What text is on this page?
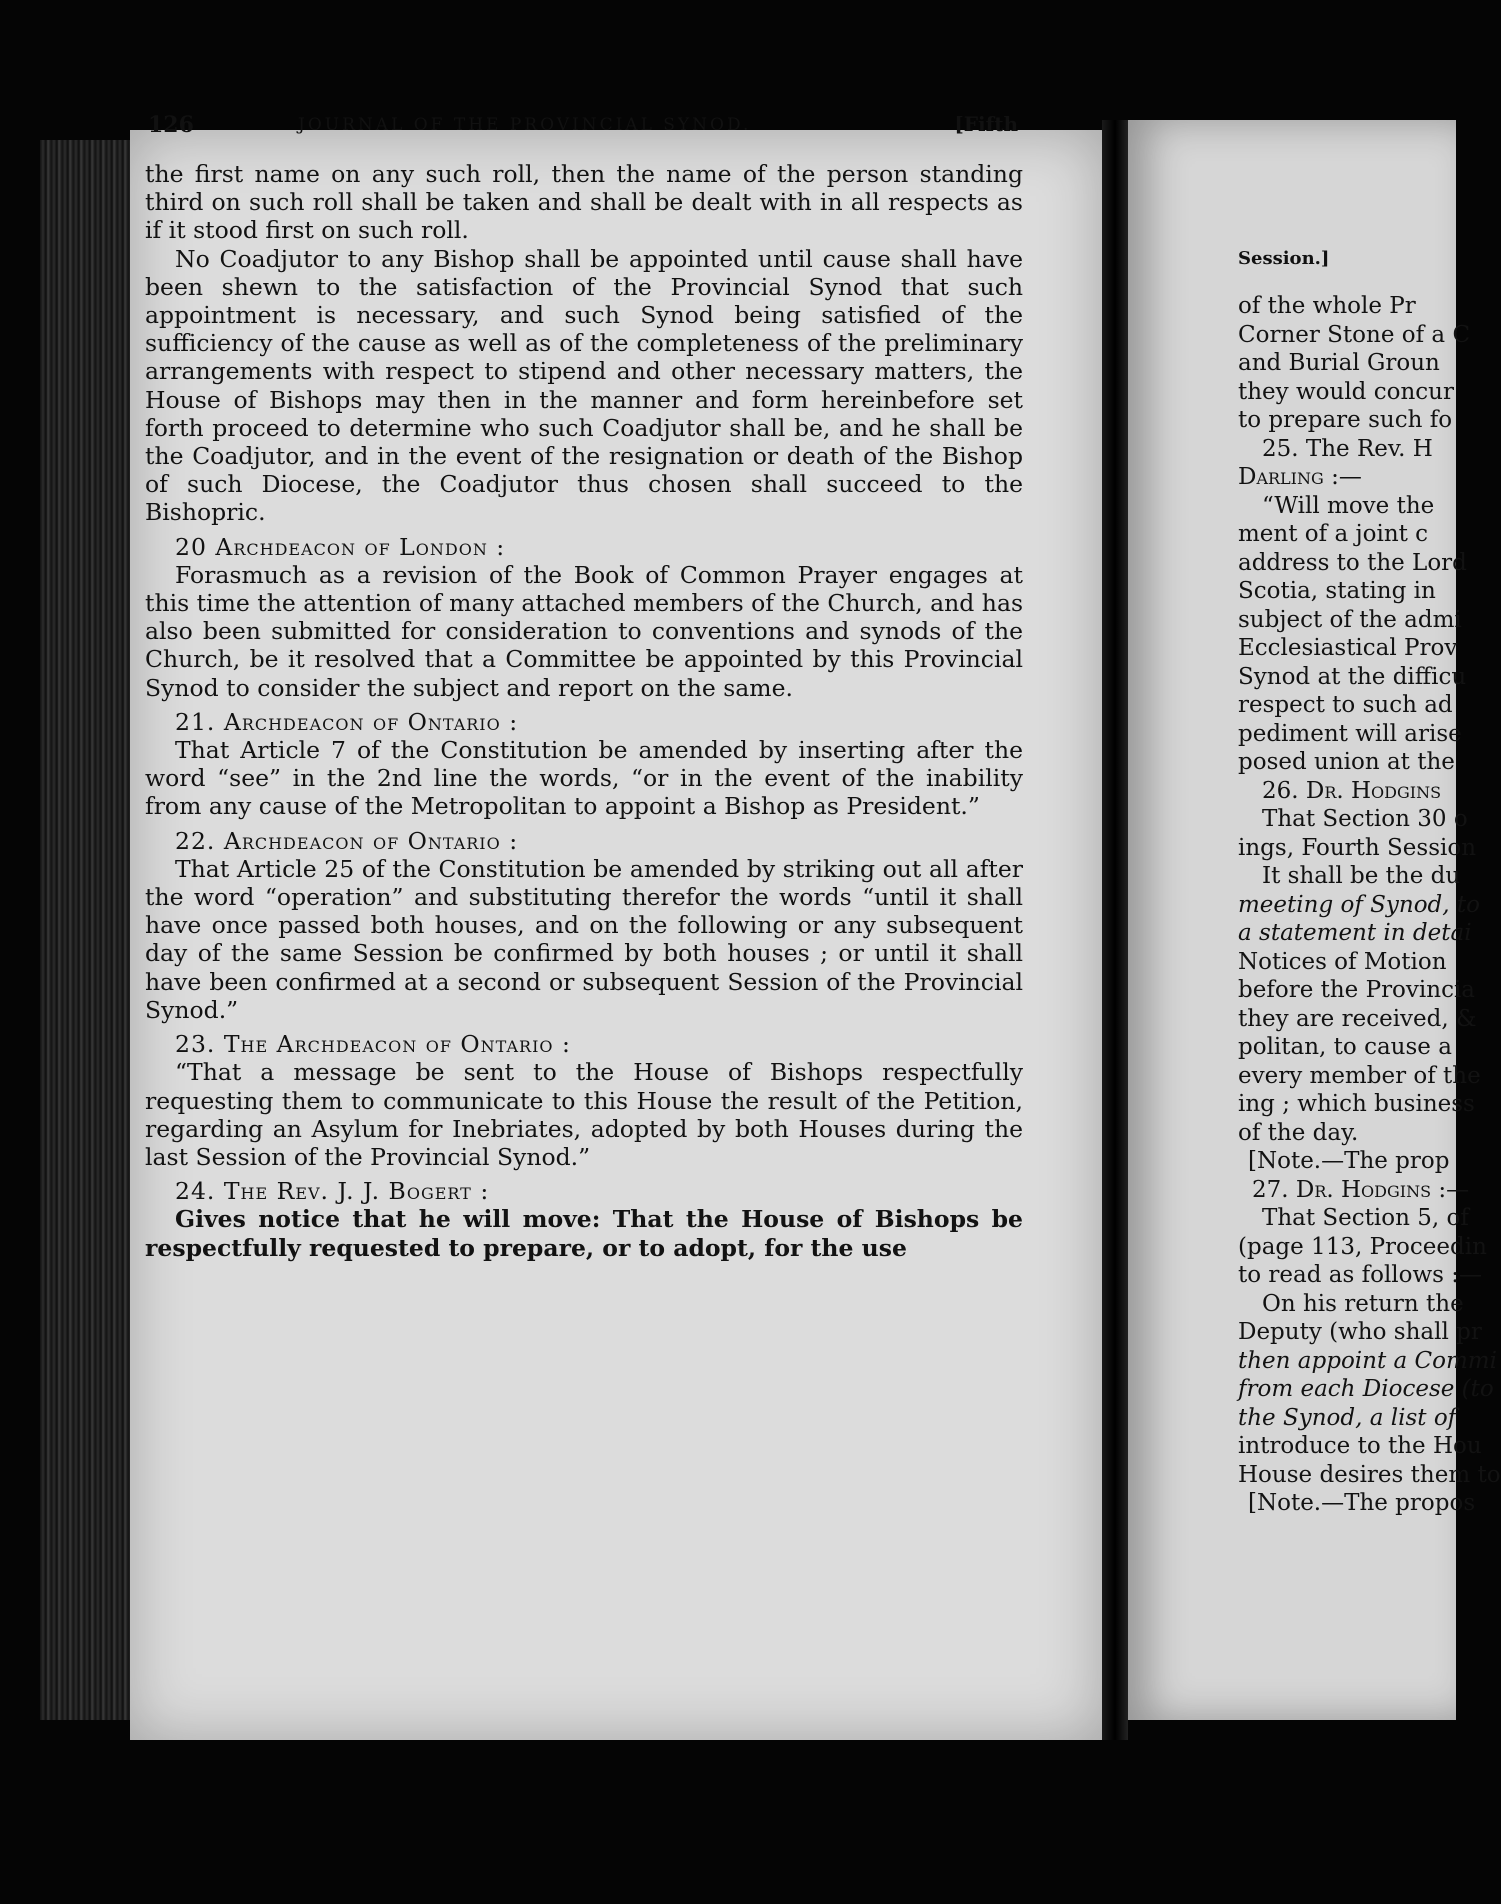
Session.]
126	JOURNAL OF THE PROVINCIAL SYNOD.	[Fifth

the first name on any such roll, then the name of the person standing third on such roll shall be taken and shall be dealt with in all respects as if it stood first on such roll.

No Coadjutor to any Bishop shall be appointed until cause shall have been shewn to the satisfaction of the Provincial Synod that such appointment is necessary, and such Synod being satisfied of the sufficiency of the cause as well as of the completeness of the preliminary arrangements with respect to stipend and other necessary matters, the House of Bishops may then in the manner and form hereinbefore set forth proceed to determine who such Coadjutor shall be, and he shall be the Coadjutor, and in the event of the resignation or death of the Bishop of such Diocese, the Coadjutor thus chosen shall succeed to the Bishopric.

20 Archdeacon of London :

Forasmuch as a revision of the Book of Common Prayer engages at this time the attention of many attached members of the Church, and has also been submitted for consideration to conventions and synods of the Church, be it resolved that a Committee be appointed by this Provincial Synod to consider the subject and report on the same.

21. Archdeacon of Ontario :

That Article 7 of the Constitution be amended by inserting after the word “see” in the 2nd line the words, “or in the event of the inability from any cause of the Metropolitan to appoint a Bishop as President.”

22. Archdeacon of Ontario :

That Article 25 of the Constitution be amended by striking out all after the word “operation” and substituting therefor the words “until it shall have once passed both houses, and on the following or any subsequent day of the same Session be confirmed by both houses ; or until it shall have been confirmed at a second or subsequent Session of the Provincial Synod.”

23. The Archdeacon of Ontario :

“That a message be sent to the House of Bishops respectfully requesting them to communicate to this House the result of the Petition, regarding an Asylum for Inebriates, adopted by both Houses during the last Session of the Provincial Synod.”

24. The Rev. J. J. Bogert :

Gives notice that he will move: That the House of Bishops be respectfully requested to prepare, or to adopt, for the use

of the whole Pr

Corner Stone of a C

and Burial Groun

they would concur

to prepare such fo

25. The Rev. H

Darling :—

“Will move the

ment of a joint c

address to the Lord

Scotia, stating in

subject of the admi

Ecclesiastical Prov

Synod at the difficu

respect to such ad

pediment will arise

posed union at the

26. Dr. Hodgins

That Section 30 o

ings, Fourth Session

It shall be the du

meeting of Synod, to

a statement in detai

Notices of Motion

before the Provincia

they are received, &

politan, to cause a

every member of the

ing ; which business

of the day.

[Note.—The prop

27. Dr. Hodgins :—

That Section 5, of

(page 113, Proceedin

to read as follows :—

On his return the

Deputy (who shall pr

then appoint a Commi

from each Diocese (to

the Synod, a list of

introduce to the Hou

House desires them to

[Note.—The propos
